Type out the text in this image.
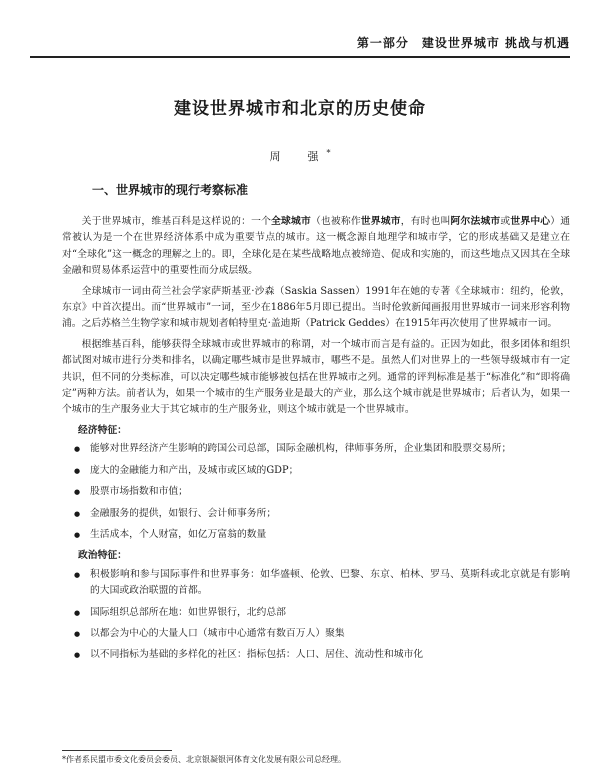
第一部分　建设世界城市 挑战与机遇
建设世界城市和北京的历史使命
周　强*
一、世界城市的现行考察标准

关于世界城市，维基百科是这样说的：一个全球城市（也被称作世界城市，有时也叫阿尔法城市或世界中心）通常被认为是一个在世界经济体系中成为重要节点的城市。这一概念源自地理学和城市学，它的形成基础又是建立在对“全球化”这一概念的理解之上的。即，全球化是在某些战略地点被缔造、促成和实施的，而这些地点又因其在全球金融和贸易体系运营中的重要性而分成层级。

全球城市一词由荷兰社会学家萨斯基亚·沙森（Saskia Sassen）1991年在她的专著《全球城市：纽约，伦敦，东京》中首次提出。而“世界城市”一词，至少在1886年5月即已提出。当时伦敦新闻画报用世界城市一词来形容利物浦。之后苏格兰生物学家和城市规划者帕特里克·盖迪斯（Patrick Geddes）在1915年再次使用了世界城市一词。

根据维基百科，能够获得全球城市或世界城市的称谓，对一个城市而言是有益的。正因为如此，很多团体和组织都试图对城市进行分类和排名，以确定哪些城市是世界城市，哪些不是。虽然人们对世界上的一些领导级城市有一定共识，但不同的分类标准，可以决定哪些城市能够被包括在世界城市之列。通常的评判标准是基于“标准化”和“即将确定”两种方法。前者认为，如果一个城市的生产服务业是最大的产业，那么这个城市就是世界城市；后者认为，如果一个城市的生产服务业大于其它城市的生产服务业，则这个城市就是一个世界城市。

经济特征：
● 能够对世界经济产生影响的跨国公司总部，国际金融机构，律师事务所，企业集团和股票交易所；
● 庞大的金融能力和产出，及城市或区域的GDP；
● 股票市场指数和市值；
● 金融服务的提供，如银行、会计师事务所；
● 生活成本，个人财富，如亿万富翁的数量
政治特征：
● 积极影响和参与国际事件和世界事务：如华盛顿、伦敦、巴黎、东京、柏林、罗马、莫斯科或北京就是有影响的大国或政治联盟的首都。
● 国际组织总部所在地：如世界银行，北约总部
● 以都会为中心的大量人口（城市中心通常有数百万人）聚集
● 以不同指标为基础的多样化的社区：指标包括：人口、居住、流动性和城市化
*作者系民盟市委文化委员会委员、北京银凝银河体育文化发展有限公司总经理。
